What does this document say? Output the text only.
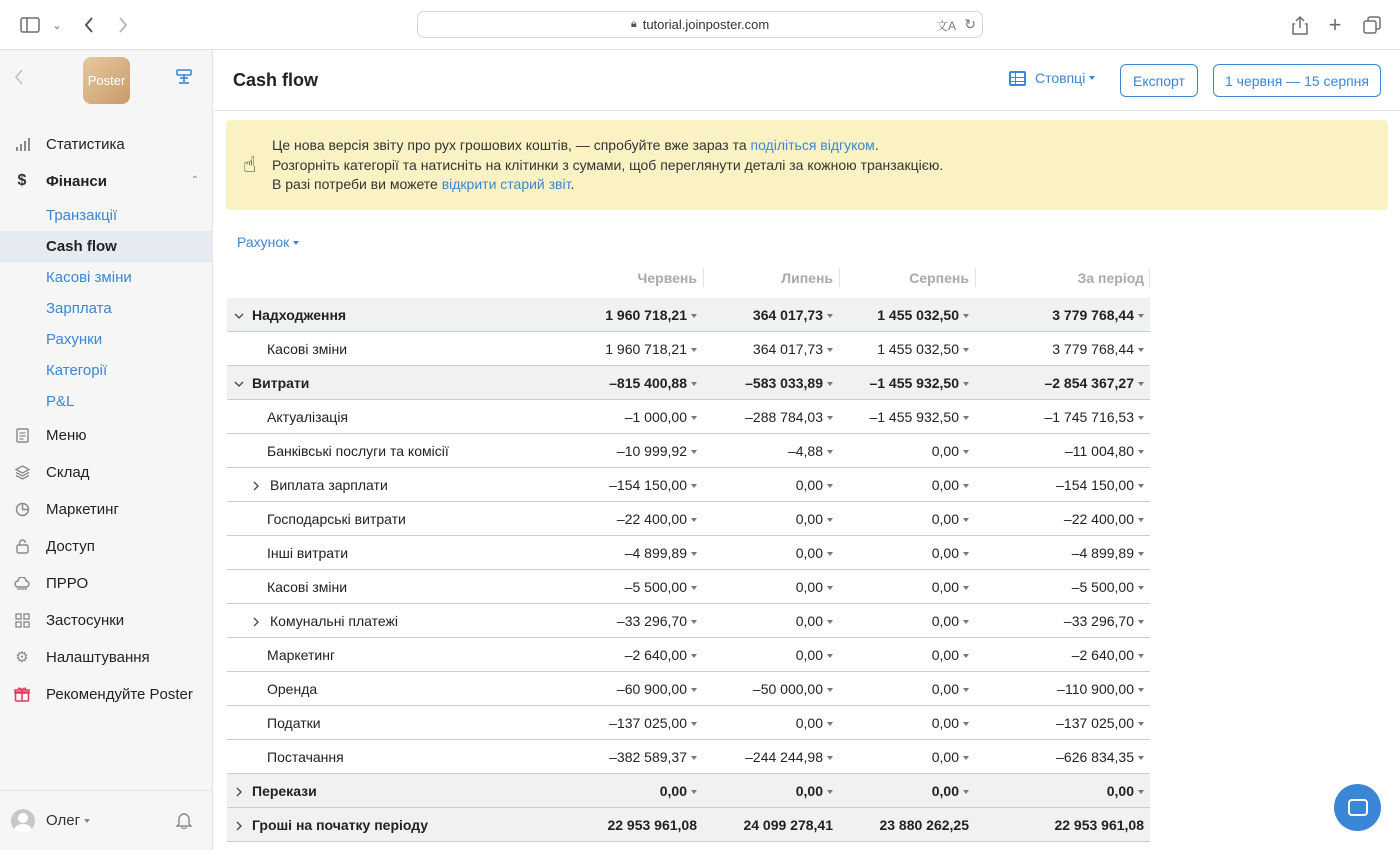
⌄	🔒︎ tutorial.joinposter.com	文A ↻	+
Poster
Статистика
$ Фінанси	⌃
Транзакції
Cash flow
Касові зміни
Зарплата
Рахунки
Категорії
P&L
Меню
Склад
Маркетинг
Доступ
ПРРО
Застосунки
⚙ Налаштування
Рекомендуйте Poster
Олег
Cash flow	Стовпці	Експорт	1 червня — 15 серпня
☝
Це нова версія звіту про рух грошових коштів, — спробуйте вже зараз та поділіться відгуком.
Розгорніть категорії та натисніть на клітинки з сумами, щоб переглянути деталі за кожною транзакцією.
В разі потреби ви можете відкрити старий звіт.
Рахунок
Червень	Липень	Серпень	За період
Надходження	1 960 718,21	364 017,73	1 455 032,50	3 779 768,44
Касові зміни	1 960 718,21	364 017,73	1 455 032,50	3 779 768,44
Витрати	–815 400,88	–583 033,89	–1 455 932,50	–2 854 367,27
Актуалізація	–1 000,00	–288 784,03	–1 455 932,50	–1 745 716,53
Банківські послуги та комісії	–10 999,92	–4,88	0,00	–11 004,80
Виплата зарплати	–154 150,00	0,00	0,00	–154 150,00
Господарські витрати	–22 400,00	0,00	0,00	–22 400,00
Інші витрати	–4 899,89	0,00	0,00	–4 899,89
Касові зміни	–5 500,00	0,00	0,00	–5 500,00
Комунальні платежі	–33 296,70	0,00	0,00	–33 296,70
Маркетинг	–2 640,00	0,00	0,00	–2 640,00
Оренда	–60 900,00	–50 000,00	0,00	–110 900,00
Податки	–137 025,00	0,00	0,00	–137 025,00
Постачання	–382 589,37	–244 244,98	0,00	–626 834,35
Перекази	0,00	0,00	0,00	0,00
Гроші на початку періоду	22 953 961,08	24 099 278,41	23 880 262,25	22 953 961,08
